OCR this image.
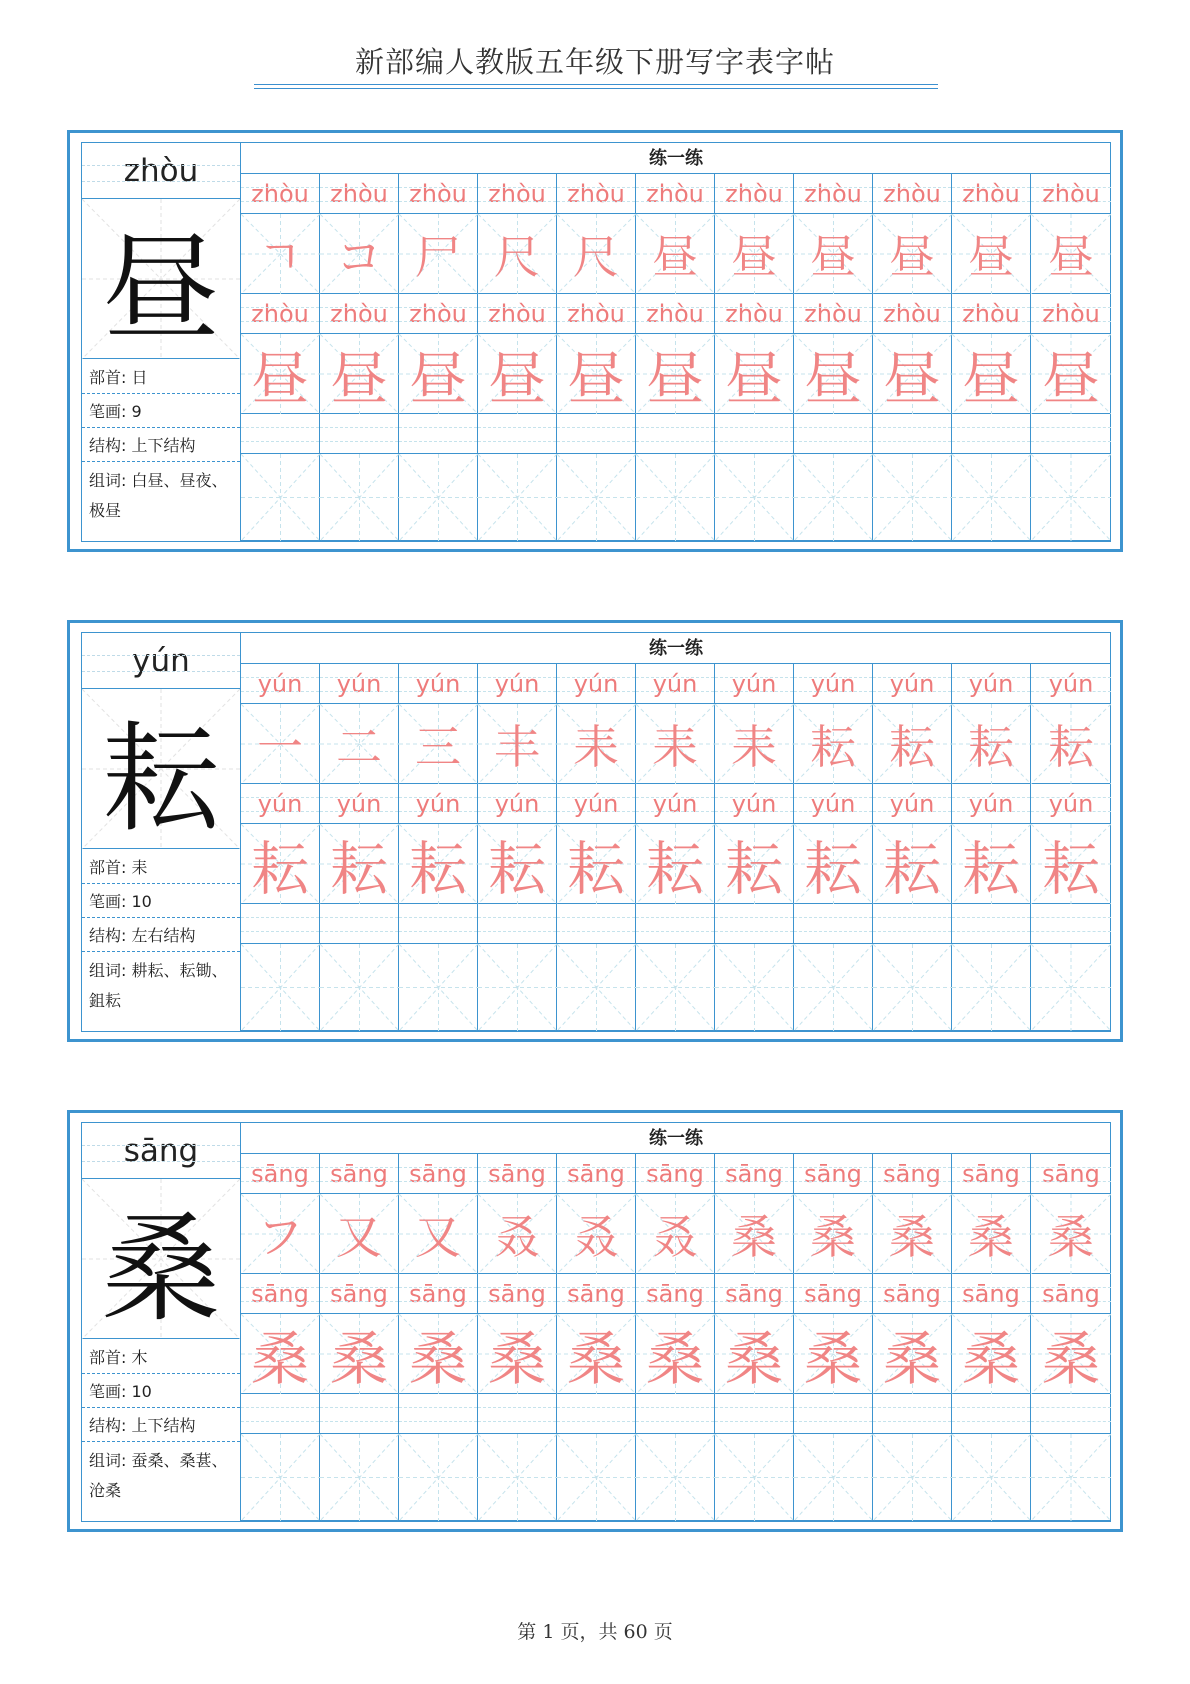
新部编人教版五年级下册写字表字帖
zhòu
昼
部首: 日
笔画: 9
结构: 上下结构
组词: 白昼、昼夜、极昼
练一练
zhòu zhòu zhòu zhòu zhòu zhòu zhòu zhòu zhòu zhòu zhòu
ㄱ コ 尸 尺 尺 昼 昼 昼 昼 昼 昼
zhòu zhòu zhòu zhòu zhòu zhòu zhòu zhòu zhòu zhòu zhòu
昼 昼 昼 昼 昼 昼 昼 昼 昼 昼 昼
yún
耘
部首: 耒
笔画: 10
结构: 左右结构
组词: 耕耘、耘锄、鉏耘
练一练
yún	yún	yún	yún	yún	yún	yún	yún	yún	yún	yún
一 二 三 丰 耒 耒 耒 耘 耘 耘 耘
yún	yún	yún	yún	yún	yún	yún	yún	yún	yún	yún
耘 耘 耘 耘 耘 耘 耘 耘 耘 耘 耘
sāng
桑
部首: 木
笔画: 10
结构: 上下结构
组词: 蚕桑、桑葚、沧桑
练一练
sāng sāng sāng sāng sāng sāng sāng sāng sāng sāng sāng
フ 又 又 叒 叒 叒 桑 桑 桑 桑 桑
sāng sāng sāng sāng sāng sāng sāng sāng sāng sāng sāng
桑 桑 桑 桑 桑 桑 桑 桑 桑 桑 桑
第 1 页，共 60 页
